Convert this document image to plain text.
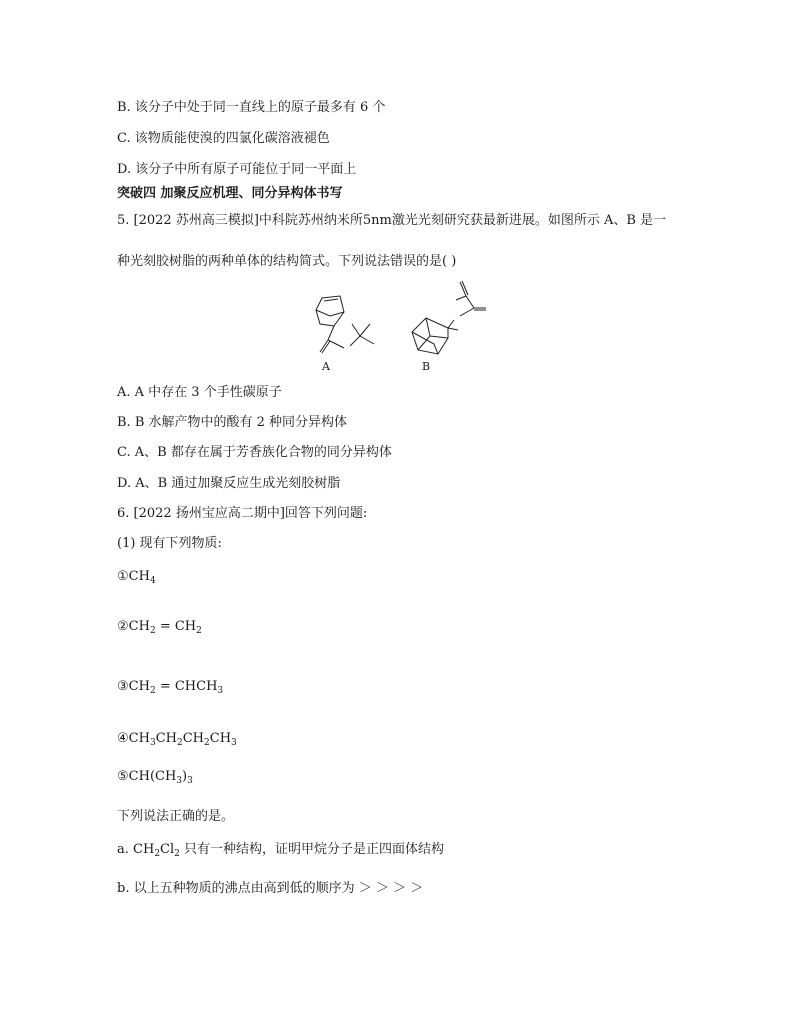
B. 该分子中处于同一直线上的原子最多有 6 个
C. 该物质能使溴的四氯化碳溶液褪色
D. 该分子中所有原子可能位于同一平面上
突破四 加聚反应机理、同分异构体书写
5. [2022 苏州高三模拟]中科院苏州纳米所5nm激光光刻研究获最新进展。如图所示 A、B 是一
种光刻胶树脂的两种单体的结构简式。下列说法错误的是( )
A	B
A. A 中存在 3 个手性碳原子
B. B 水解产物中的酸有 2 种同分异构体
C. A、B 都存在属于芳香族化合物的同分异构体
D. A、B 通过加聚反应生成光刻胶树脂
6. [2022 扬州宝应高二期中]回答下列问题:
(1) 现有下列物质:
$①CH_4$
$②CH_2 = CH_2$
$③CH_2$ = $CHCH_3$
$④CH_3CH_2CH_2CH_3$
$⑤CH(CH_3)_3$
下列说法正确的是。
a. $CH_2Cl_2$ 只有一种结构，证明甲烷分子是正四面体结构
b. 以上五种物质的沸点由高到低的顺序为 ＞ ＞ ＞ ＞
